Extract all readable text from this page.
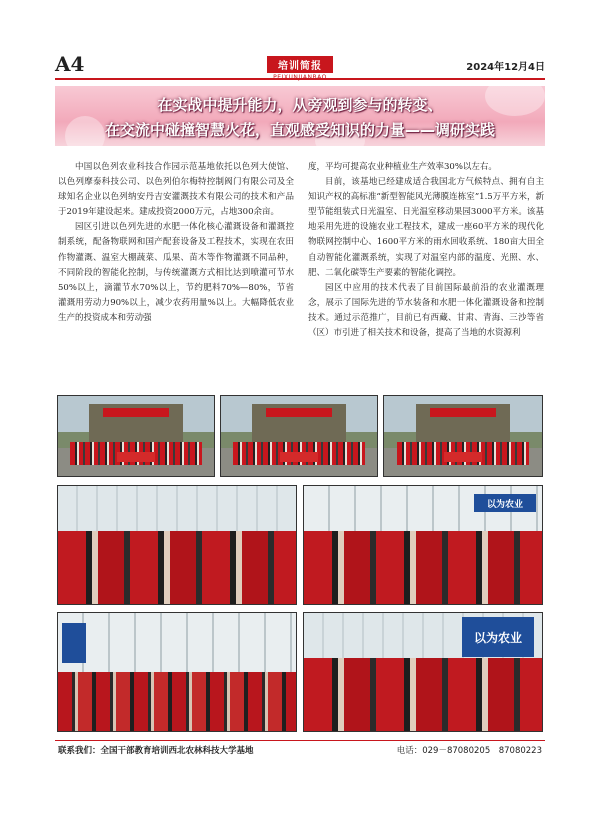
A4	培训简报	2024年12月4日
在实战中提升能力，从旁观到参与的转变、
在交流中碰撞智慧火花，直观感受知识的力量——调研实践

中国以色列农业科技合作园示范基地依托以色列大使馆、以色列摩泰科技公司、以色列伯尔梅特控制阀门有限公司及全球知名企业以色列纳安丹吉安灌溉技术有限公司的技术和产品于2019年建设起来。建成投资2000万元，占地300余亩。

园区引进以色列先进的水肥一体化核心灌溉设备和灌溉控制系统，配备物联网和国产配套设备及工程技术，实现在农田作物灌溉、温室大棚蔬菜、瓜果、苗木等作物灌溉不同品种，不同阶段的智能化控制，与传统灌溉方式相比达到喷灌可节水50%以上，滴灌节水70%以上，节约肥料70%—80%，节省灌溉用劳动力90%以上，减少农药用量%以上。大幅降低农业生产的投资成本和劳动强

度，平均可提高农业种植业生产效率30%以左右。

目前，该基地已经建成适合我国北方气候特点、拥有自主知识产权的高标准“新型智能风光薄膜连栋室”1.5万平方米，新型节能组装式日光温室、日光温室移动果园3000平方米。该基地采用先进的设施农业工程技术，建成一座60平方米的现代化物联网控制中心、1600平方米的雨水回收系统、180亩大田全自动智能化灌溉系统，实现了对温室内部的温度、光照、水、肥、二氧化碳等生产要素的智能化调控。

园区中应用的技术代表了目前国际最前沿的农业灌溉理念，展示了国际先进的节水装备和水肥一体化灌溉设备和控制技术。通过示范推广，目前已有西藏、甘肃、青海、三沙等省（区）市引进了相关技术和设备，提高了当地的水资源利

以为农业
以为农业
联系我们：全国干部教育培训西北农林科技大学基地	电话：029－87080205　87080223
